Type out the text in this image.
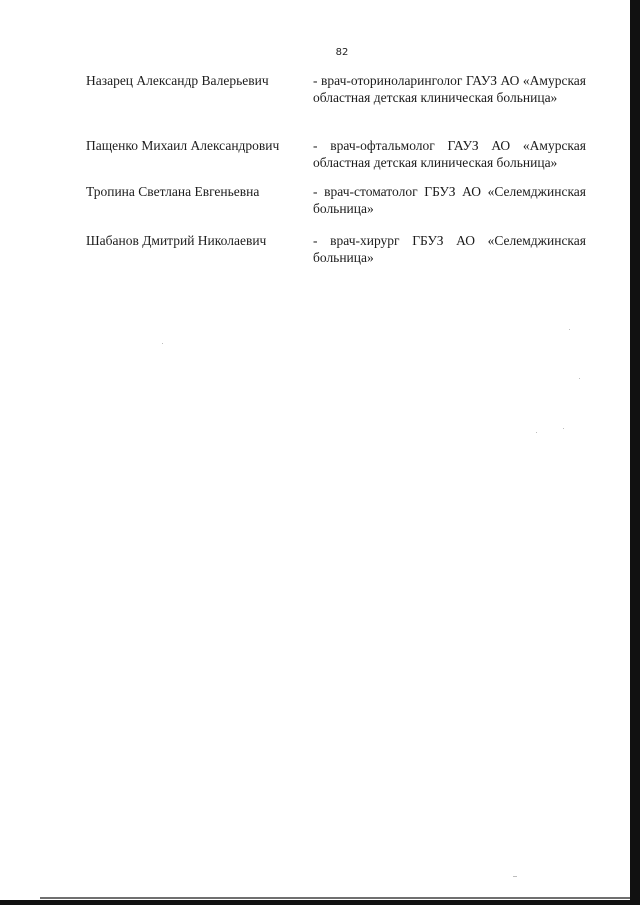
82
Назарец Александр Валерьевич	- врач-оториноларинголог ГАУЗ АО «Амурская областная детская клиническая больница»
Пащенко Михаил Александрович	- врач-офтальмолог ГАУЗ АО «Амурская областная детская клиническая больница»
Тропина Светлана Евгеньевна	- врач-стоматолог ГБУЗ АО «Селемджинская больница»
Шабанов Дмитрий Николаевич	- врач-хирург ГБУЗ АО «Селемджинская больница»
